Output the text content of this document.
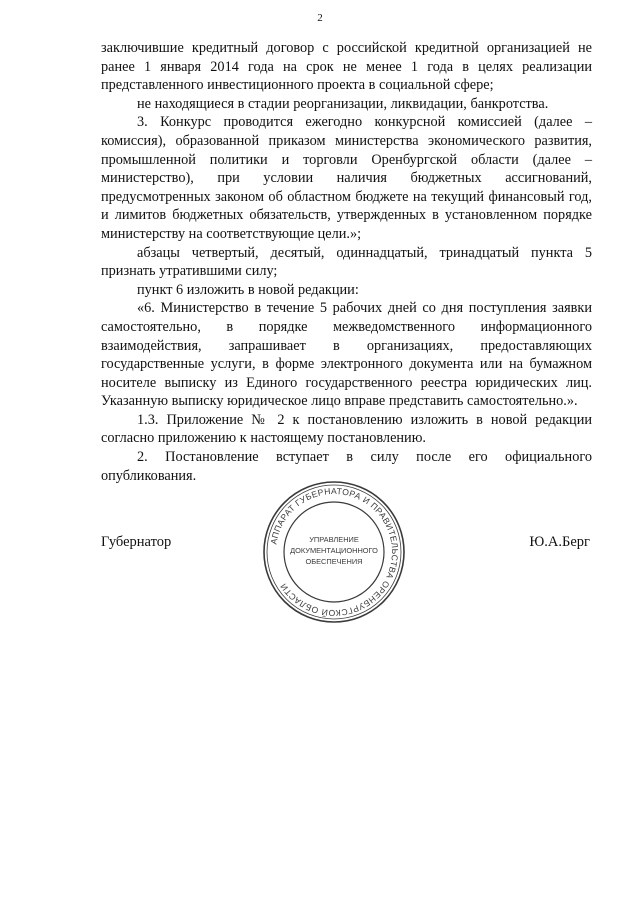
2

заключившие кредитный договор с российской кредитной организацией не ранее 1 января 2014 года на срок не менее 1 года в целях реализации представленного инвестиционного проекта в социальной сфере;

не находящиеся в стадии реорганизации, ликвидации, банкротства.

3. Конкурс проводится ежегодно конкурсной комиссией (далее – комиссия), образованной приказом министерства экономического развития, промышленной политики и торговли Оренбургской области (далее – министерство), при условии наличия бюджетных ассигнований, предусмотренных законом об областном бюджете на текущий финансовый год, и лимитов бюджетных обязательств, утвержденных в установленном порядке министерству на соответствующие цели.»;

абзацы четвертый, десятый, одиннадцатый, тринадцатый пункта 5 признать утратившими силу;

пункт 6 изложить в новой редакции:

«6. Министерство в течение 5 рабочих дней со дня поступления заявки самостоятельно, в порядке межведомственного информационного взаимодействия, запрашивает в организациях, предоставляющих государственные услуги, в форме электронного документа или на бумажном носителе выписку из Единого государственного реестра юридических лиц. Указанную выписку юридическое лицо вправе представить самостоятельно.».

1.3. Приложение № 2 к постановлению изложить в новой редакции согласно приложению к настоящему постановлению.

2. Постановление вступает в силу после его официального опубликования.

Губернатор	АППАРАТ ГУБЕРНАТОРА И ПРАВИТЕЛЬСТВА ОРЕНБУРГСКОЙ ОБЛАСТИ
УПРАВЛЕНИЕ
ДОКУМЕНТАЦИОННОГО
ОБЕСПЕЧЕНИЯ
Ю.А.Берг
